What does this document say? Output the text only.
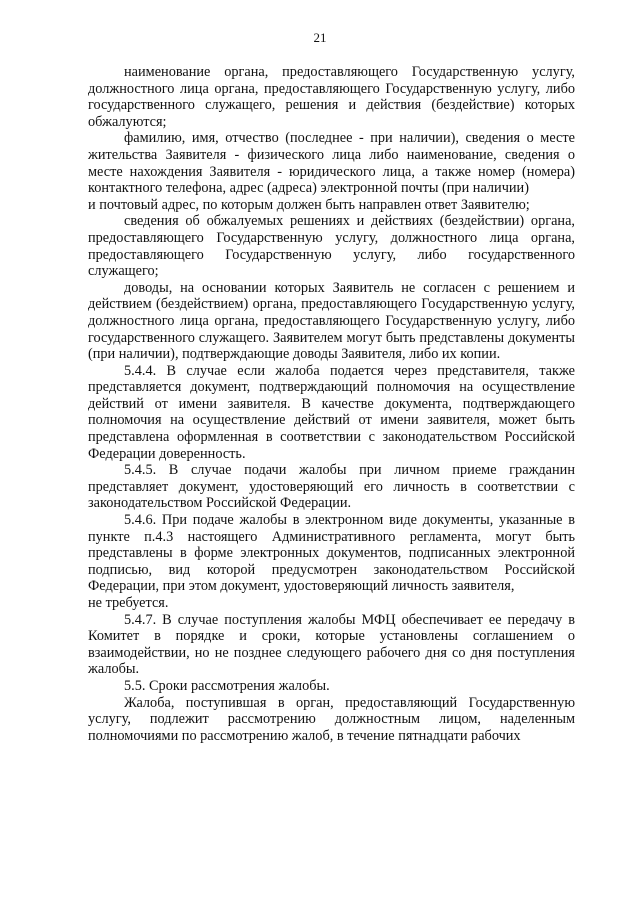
21

наименование органа, предоставляющего Государственную услугу, должностного лица органа, предоставляющего Государственную услугу, либо государственного служащего, решения и действия (бездействие) которых обжалуются;

фамилию, имя, отчество (последнее - при наличии), сведения о месте жительства Заявителя - физического лица либо наименование, сведения о месте нахождения Заявителя - юридического лица, а также номер (номера) контактного телефона, адрес (адреса) электронной почты (при наличии)

и почтовый адрес, по которым должен быть направлен ответ Заявителю;

сведения об обжалуемых решениях и действиях (бездействии) органа, предоставляющего Государственную услугу, должностного лица органа, предоставляющего Государственную услугу, либо государственного служащего;

доводы, на основании которых Заявитель не согласен с решением и действием (бездействием) органа, предоставляющего Государственную услугу, должностного лица органа, предоставляющего Государственную услугу, либо государственного служащего. Заявителем могут быть представлены документы (при наличии), подтверждающие доводы Заявителя, либо их копии.

5.4.4. В случае если жалоба подается через представителя, также представляется документ, подтверждающий полномочия на осуществление действий от имени заявителя. В качестве документа, подтверждающего полномочия на осуществление действий от имени заявителя, может быть представлена оформленная в соответствии с законодательством Российской Федерации доверенность.

5.4.5. В случае подачи жалобы при личном приеме гражданин представляет документ, удостоверяющий его личность в соответствии с законодательством Российской Федерации.

5.4.6. При подаче жалобы в электронном виде документы, указанные в пункте п.4.3 настоящего Административного регламента, могут быть представлены в форме электронных документов, подписанных электронной подписью, вид которой предусмотрен законодательством Российской Федерации, при этом документ, удостоверяющий личность заявителя,

не требуется.

5.4.7. В случае поступления жалобы МФЦ обеспечивает ее передачу в Комитет в порядке и сроки, которые установлены соглашением о взаимодействии, но не позднее следующего рабочего дня со дня поступления жалобы.

5.5. Сроки рассмотрения жалобы.

Жалоба, поступившая в орган, предоставляющий Государственную услугу, подлежит рассмотрению должностным лицом, наделенным полномочиями по рассмотрению жалоб, в течение пятнадцати рабочих
